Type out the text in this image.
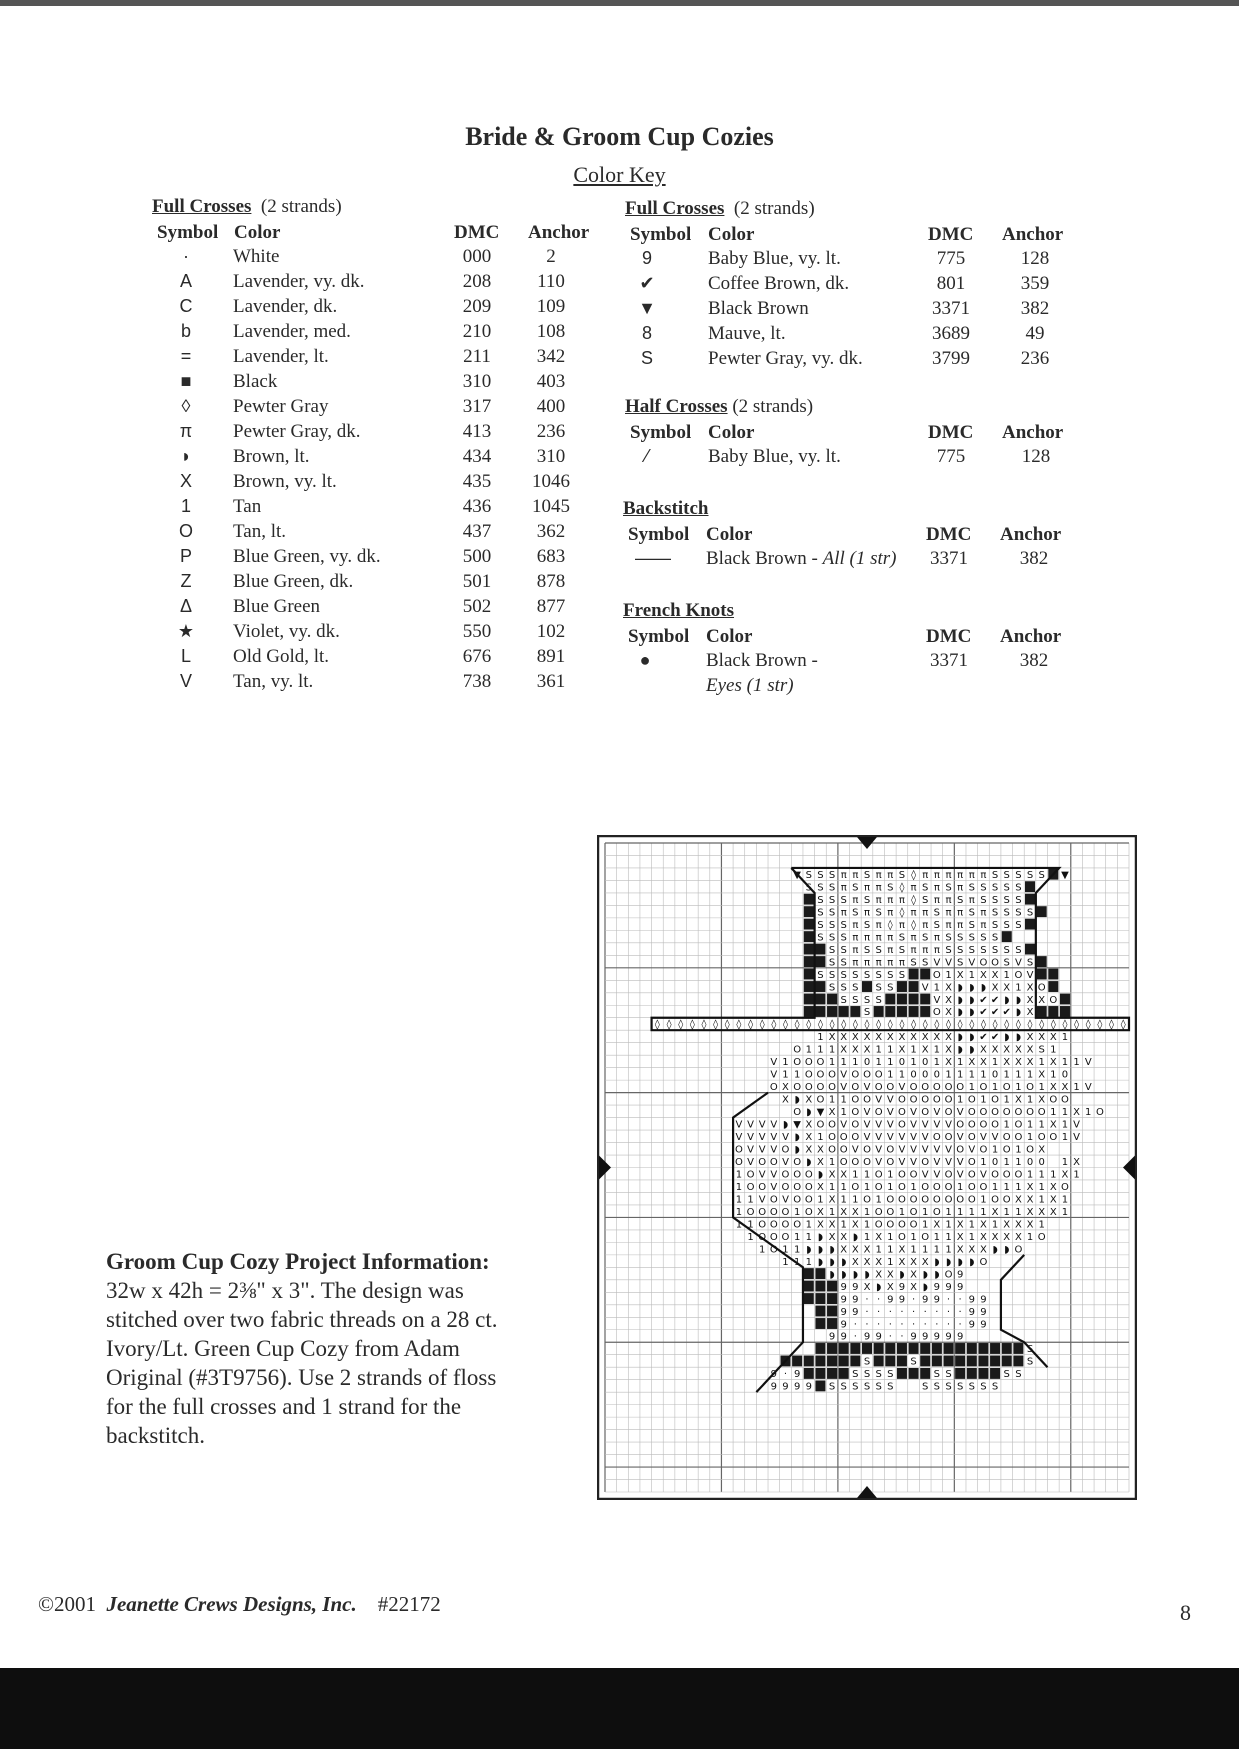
Bride & Groom Cup Cozies
Color Key
Full Crosses (2 strands)
Symbol Color	DMC Anchor
·	White	000	2
A	Lavender, vy. dk.	208	110
C	Lavender, dk.	209	109
b	Lavender, med.	210	108
=	Lavender, lt.	211	342
■	Black	310	403
◊	Pewter Gray	317	400
π	Pewter Gray, dk.	413	236
◗	Brown, lt.	434	310
X	Brown, vy. lt.	435	1046
1	Tan	436	1045
O	Tan, lt.	437	362
P	Blue Green, vy. dk.	500	683
Z	Blue Green, dk.	501	878
Δ	Blue Green	502	877
★	Violet, vy. dk.	550	102
L	Old Gold, lt.	676	891
V	Tan, vy. lt.	738	361
Full Crosses (2 strands)
Symbol Color	DMC Anchor
9	Baby Blue, vy. lt.	775	128
✔	Coffee Brown, dk.	801	359
▼	Black Brown	3371	382
8	Mauve, lt.	3689	49
S	Pewter Gray, vy. dk.	3799	236
Half Crosses (2 strands)
Symbol Color	DMC Anchor
⁄	Baby Blue, vy. lt.	775	128
Backstitch
Symbol Color	DMC Anchor
——	Black Brown - All (1 str) 3371	382
French Knots
Symbol Color	DMC Anchor
●	Black Brown -	3371	382
Eyes (1 str)
▼ S S S π π S π π S ◊ π π π π π π S S S S S ▼
S S S π S π π S ◊ π S π S π S S S S S
S S S π S π π π ◊ S π π S π S S S S
S S π S π S π ◊ π π S π π S π S S S S
S S S π S π ◊ π ◊ π S π π S π S S S
S S S π π π π S π S π S S S S S
S S π S S π S π π π S S S S S S S
S S π π π π π S S V V S V O O S V S
S S S S S S S S	O 1 X 1 X X 1 O V
S S S S S	V 1 X ◗ ◗ ◗ X X 1 X O
S S S S	V X ◗ ◗ ✔ ✔ ◗ ◗ X X O
S	O X ◗ ◗ ✔ ✔ ✔ ◗ X
◊ ◊ ◊ ◊ ◊ ◊ ◊ ◊ ◊ ◊ ◊ ◊ ◊ ◊ ◊ ◊ ◊ ◊ ◊ ◊ ◊ ◊ ◊ ◊ ◊ ◊ ◊ ◊ ◊ ◊ ◊ ◊ ◊ ◊ ◊ ◊ ◊ ◊ ◊ ◊ ◊
1 X X X X X X X X X X X ◗ ◗ ✔ ✔ ◗ ◗ X X X 1
O 1 1 1 X X X 1 1 X 1 X 1 X ◗ ◗ X X X X X S 1
V 1 O O O 1 1 1 0 1 1 0 1 0 1 X 1 X X 1 X X X 1 X 1 1 V
V 1 1 O O O V O O O 1 1 0 0 0 1 1 1 1 0 1 1 1 X 1 0
O X O O O O V O V O O V O O O O O 1 O 1 O 1 O 1 X X 1 V
X ◗ X O 1 1 O O V V O O O O O 1 O 1 O 1 X 1 X O O
O ◗ ▼ X 1 O V O V O V O V O V O O O O O O O 1 1 X 1 O
V V V V ◗ ▼ X O O V O V V V O V V V V O O O O 1 O 1 1 X 1 V
V V V V V ◗ X 1 O O O V V V V V V O O V O V V O O 1 O O 1 V
O V V V O ◗ X X O O V O V O V V V V V O V O 1 O 1 O X
O V O O V O ◗ X 1 O O O V O V V O V V V O 1 0 1 1 0 0 1 X
1 O V V O O O ◗ X X 1 1 O 1 O O V V O V O V O O O 1 1 1 X 1
1 O O V O O O X 1 1 O 1 O 1 O 1 O O O 1 O O 1 1 1 X 1 X O
1 1 V O V O O 1 X 1 1 O 1 O O O O O O O O 1 O O X X 1 X 1
1 O O O O 1 O X 1 X X 1 O O 1 O 1 O 1 1 1 1 X 1 1 X X X 1
1 1 O O O O 1 X X 1 X 1 O O O O 1 X 1 X 1 X 1 X X X 1
1 O O O 1 1 ◗ X X ◗ 1 X 1 O 1 O 1 1 X 1 X X X X 1 O
1 O 1 1 ◗ ◗ ◗ X X X 1 1 X 1 1 1 1 X X X ◗ ◗ O
1 1 1 ◗ ◗ ◗ X X X 1 X X X ◗ ◗ ◗ ◗ O
◗ ◗ ◗ ◗ X X ◗ X ◗ ◗ O 9
9 9 X ◗ X 9 X ◗ 9 9 9
9 9 · · 9 9 · 9 9 · · 9 9
9 9 · · · · · · · · · 9 9
9 · · · · · · · · · · 9 9
9 9 · 9 9 · · 9 9 9 9 9
S
S	S	S
9 · 9	S S S S	S S	S S
9 9 9 9 S S S S S S	S S S S S S S
Groom Cup Cozy Project Information:
32w x 42h = 2⅜" x 3". The design was
stitched over two fabric threads on a 28 ct.
Ivory/Lt. Green Cup Cozy from Adam
Original (#3T9756). Use 2 strands of floss
for the full crosses and 1 strand for the
backstitch.
©2001 Jeanette Crews Designs, Inc. #22172	8
